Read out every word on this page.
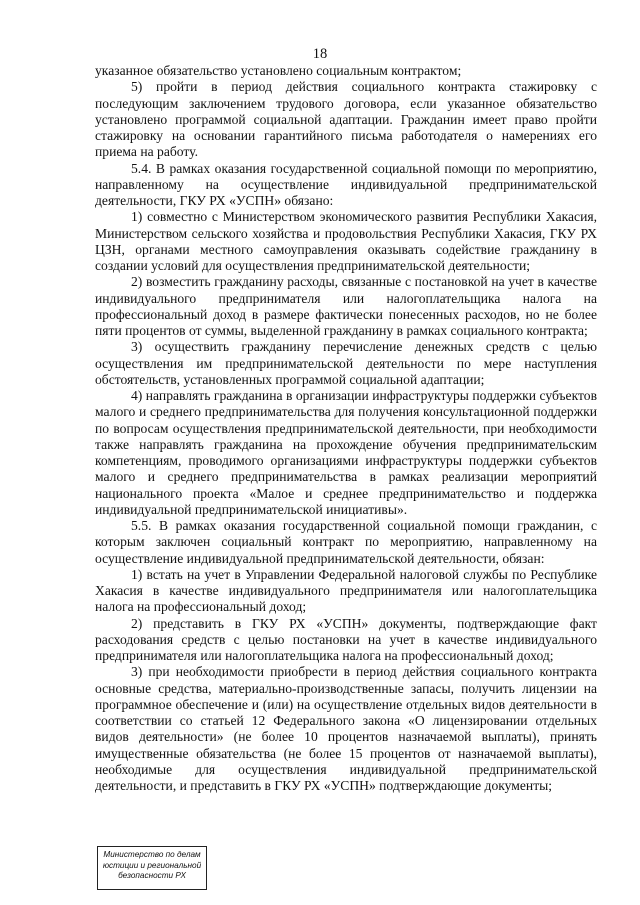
18

указанное обязательство установлено социальным контрактом;

5) пройти в период действия социального контракта стажировку с последующим заключением трудового договора, если указанное обязательство установлено программой социальной адаптации. Гражданин имеет право пройти стажировку на основании гарантийного письма работодателя о намерениях его приема на работу.

5.4. В рамках оказания государственной социальной помощи по мероприятию, направленному на осуществление индивидуальной предпринимательской деятельности, ГКУ РХ «УСПН» обязано:

1) совместно с Министерством экономического развития Республики Хакасия, Министерством сельского хозяйства и продовольствия Республики Хакасия, ГКУ РХ ЦЗН, органами местного самоуправления оказывать содействие гражданину в создании условий для осуществления предпринимательской деятельности;

2) возместить гражданину расходы, связанные с постановкой на учет в качестве индивидуального предпринимателя или налогоплательщика налога на профессиональный доход в размере фактически понесенных расходов, но не более пяти процентов от суммы, выделенной гражданину в рамках социального контракта;

3) осуществить гражданину перечисление денежных средств с целью осуществления им предпринимательской деятельности по мере наступления обстоятельств, установленных программой социальной адаптации;

4) направлять гражданина в организации инфраструктуры поддержки субъектов малого и среднего предпринимательства для получения консультационной поддержки по вопросам осуществления предпринимательской деятельности, при необходимости также направлять гражданина на прохождение обучения предпринимательским компетенциям, проводимого организациями инфраструктуры поддержки субъектов малого и среднего предпринимательства в рамках реализации мероприятий национального проекта «Малое и среднее предпринимательство и поддержка индивидуальной предпринимательской инициативы».

5.5. В рамках оказания государственной социальной помощи гражданин, с которым заключен социальный контракт по мероприятию, направленному на осуществление индивидуальной предпринимательской деятельности, обязан:

1) встать на учет в Управлении Федеральной налоговой службы по Республике Хакасия в качестве индивидуального предпринимателя или налогоплательщика налога на профессиональный доход;

2) представить в ГКУ РХ «УСПН» документы, подтверждающие факт расходования средств с целью постановки на учет в качестве индивидуального предпринимателя или налогоплательщика налога на профессиональный доход;

3) при необходимости приобрести в период действия социального контракта основные средства, материально-производственные запасы, получить лицензии на программное обеспечение и (или) на осуществление отдельных видов деятельности в соответствии со статьей 12 Федерального закона «О лицензировании отдельных видов деятельности» (не более 10 процентов назначаемой выплаты), принять имущественные обязательства (не более 15 процентов от назначаемой выплаты), необходимые для осуществления индивидуальной предпринимательской деятельности, и представить в ГКУ РХ «УСПН» подтверждающие документы;

Министерство по делам
юстиции и региональной
безопасности РХ
